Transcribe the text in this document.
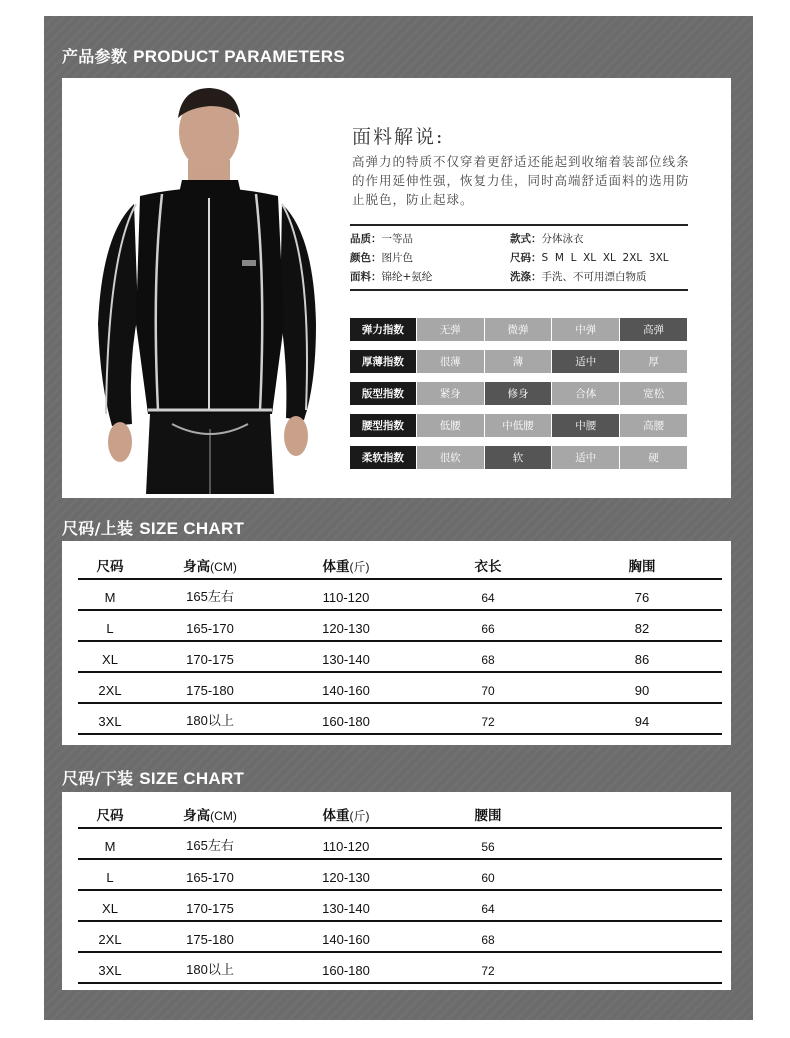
产品参数 PRODUCT PARAMETERS
面料解说:
高弹力的特质不仅穿着更舒适还能起到收缩着装部位线条的作用延伸性强，恢复力佳，同时高端舒适面料的选用防止脱色，防止起球。
品质：一等品	款式：分体泳衣
颜色：图片色	尺码：S  M  L  XL  XL  2XL  3XL
面料：锦纶+氨纶	洗涤：手洗、不可用漂白物质
弹力指数	无弹	微弹	中弹	高弹
厚薄指数	很薄	薄	适中	厚
版型指数	紧身	修身	合体	宽松
腰型指数	低腰	中低腰	中腰	高腰
柔软指数	很软	软	适中	硬
尺码/上装 SIZE CHART
尺码	身高(CM)	体重(斤)	衣长	胸围
M	165左右	110-120	64	76
L	165-170	120-130	66	82
XL	170-175	130-140	68	86
2XL	175-180	140-160	70	90
3XL	180以上	160-180	72	94
尺码/下装 SIZE CHART
尺码	身高(CM)	体重(斤)	腰围
M	165左右	110-120	56
L	165-170	120-130	60
XL	170-175	130-140	64
2XL	175-180	140-160	68
3XL	180以上	160-180	72
